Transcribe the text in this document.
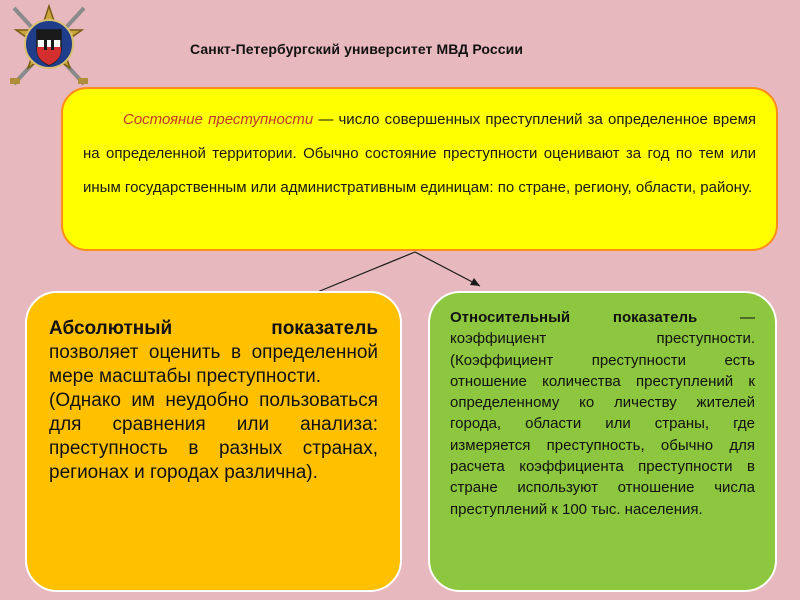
Санкт-Петербургский университет МВД России
Состояние преступности — число совершенных преступлений за определенное время на определенной территории. Обычно состояние преступности оценивают за год по тем или иным государственным или административным единицам: по стране, региону, области, району.
Абсолютный показатель позволяет оценить в определенной мере масштабы преступности.
(Однако им неудобно пользоваться для сравнения или анализа: преступность в разных странах, регионах и городах различна).
Относительный показатель — коэффициент преступности. (Коэффициент преступности есть отношение количества преступлений к определенному ко личеству жителей города, области или страны, где измеряется преступность, обычно для расчета коэффициента преступности в стране используют отношение числа преступлений к 100 тыс. населения.
